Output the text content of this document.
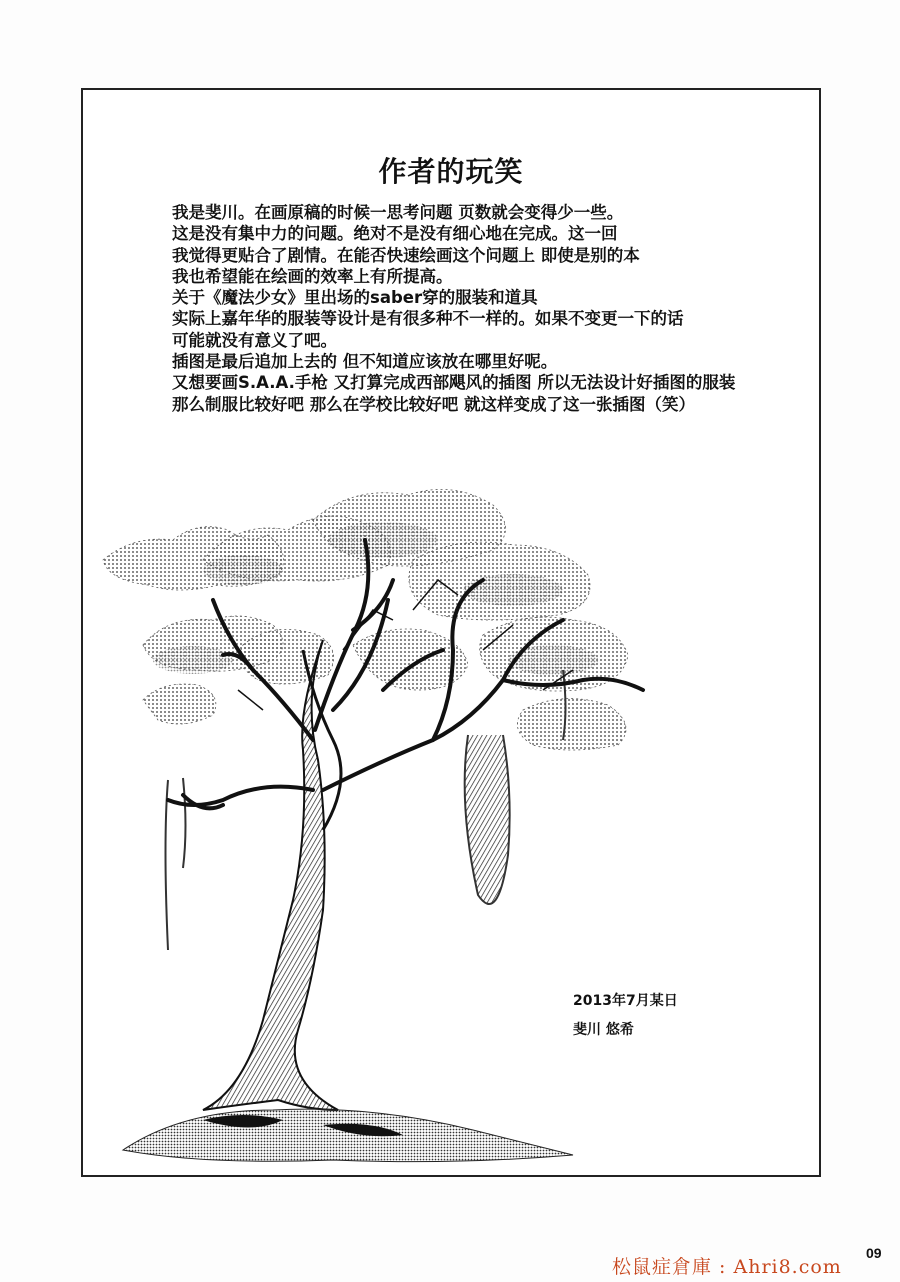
作者的玩笑

我是斐川。在画原稿的时候一思考问题 页数就会变得少一些。

这是没有集中力的问题。绝对不是没有细心地在完成。这一回

我觉得更贴合了剧情。在能否快速绘画这个问题上 即使是别的本

我也希望能在绘画的效率上有所提高。

关于《魔法少女》里出场的saber穿的服装和道具

实际上嘉年华的服装等设计是有很多种不一样的。如果不变更一下的话

可能就没有意义了吧。

插图是最后追加上去的 但不知道应该放在哪里好呢。

又想要画S.A.A.手枪 又打算完成西部飓风的插图 所以无法设计好插图的服装

那么制服比较好吧 那么在学校比较好吧 就这样变成了这一张插图（笑）

2013年7月某日
斐川 悠希
09
松鼠症倉庫 : Ahri8.com
